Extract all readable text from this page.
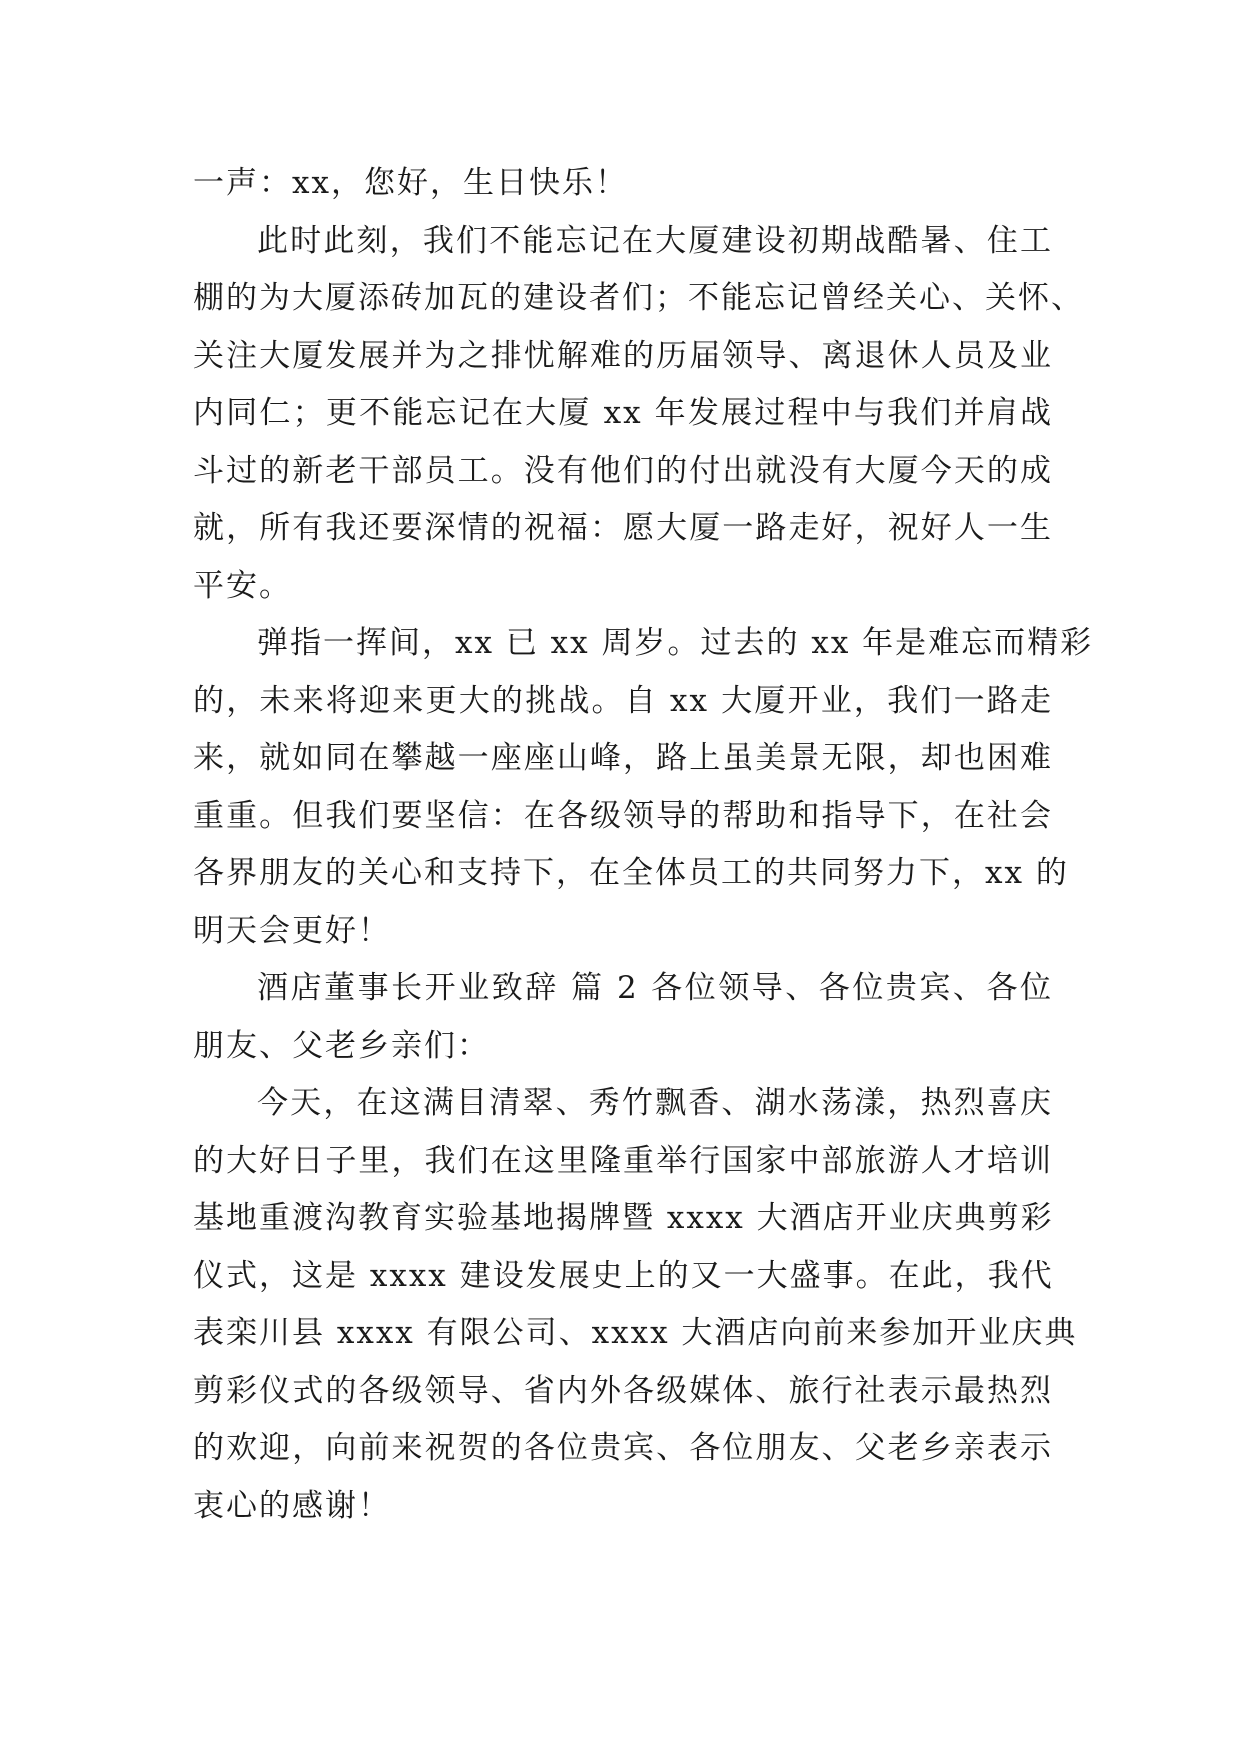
一声：xx，您好，生日快乐！
此时此刻，我们不能忘记在大厦建设初期战酷暑、住工
棚的为大厦添砖加瓦的建设者们；不能忘记曾经关心、关怀、
关注大厦发展并为之排忧解难的历届领导、离退休人员及业
内同仁；更不能忘记在大厦 xx 年发展过程中与我们并肩战
斗过的新老干部员工。没有他们的付出就没有大厦今天的成
就，所有我还要深情的祝福：愿大厦一路走好，祝好人一生
平安。
弹指一挥间，xx 已 xx 周岁。过去的 xx 年是难忘而精彩
的，未来将迎来更大的挑战。自 xx 大厦开业，我们一路走
来，就如同在攀越一座座山峰，路上虽美景无限，却也困难
重重。但我们要坚信：在各级领导的帮助和指导下，在社会
各界朋友的关心和支持下，在全体员工的共同努力下，xx 的
明天会更好！
酒店董事长开业致辞 篇 2 各位领导、各位贵宾、各位
朋友、父老乡亲们：
今天，在这满目清翠、秀竹飘香、湖水荡漾，热烈喜庆
的大好日子里，我们在这里隆重举行国家中部旅游人才培训
基地重渡沟教育实验基地揭牌暨 xxxx 大酒店开业庆典剪彩
仪式，这是 xxxx 建设发展史上的又一大盛事。在此，我代
表栾川县 xxxx 有限公司、xxxx 大酒店向前来参加开业庆典
剪彩仪式的各级领导、省内外各级媒体、旅行社表示最热烈
的欢迎，向前来祝贺的各位贵宾、各位朋友、父老乡亲表示
衷心的感谢！
